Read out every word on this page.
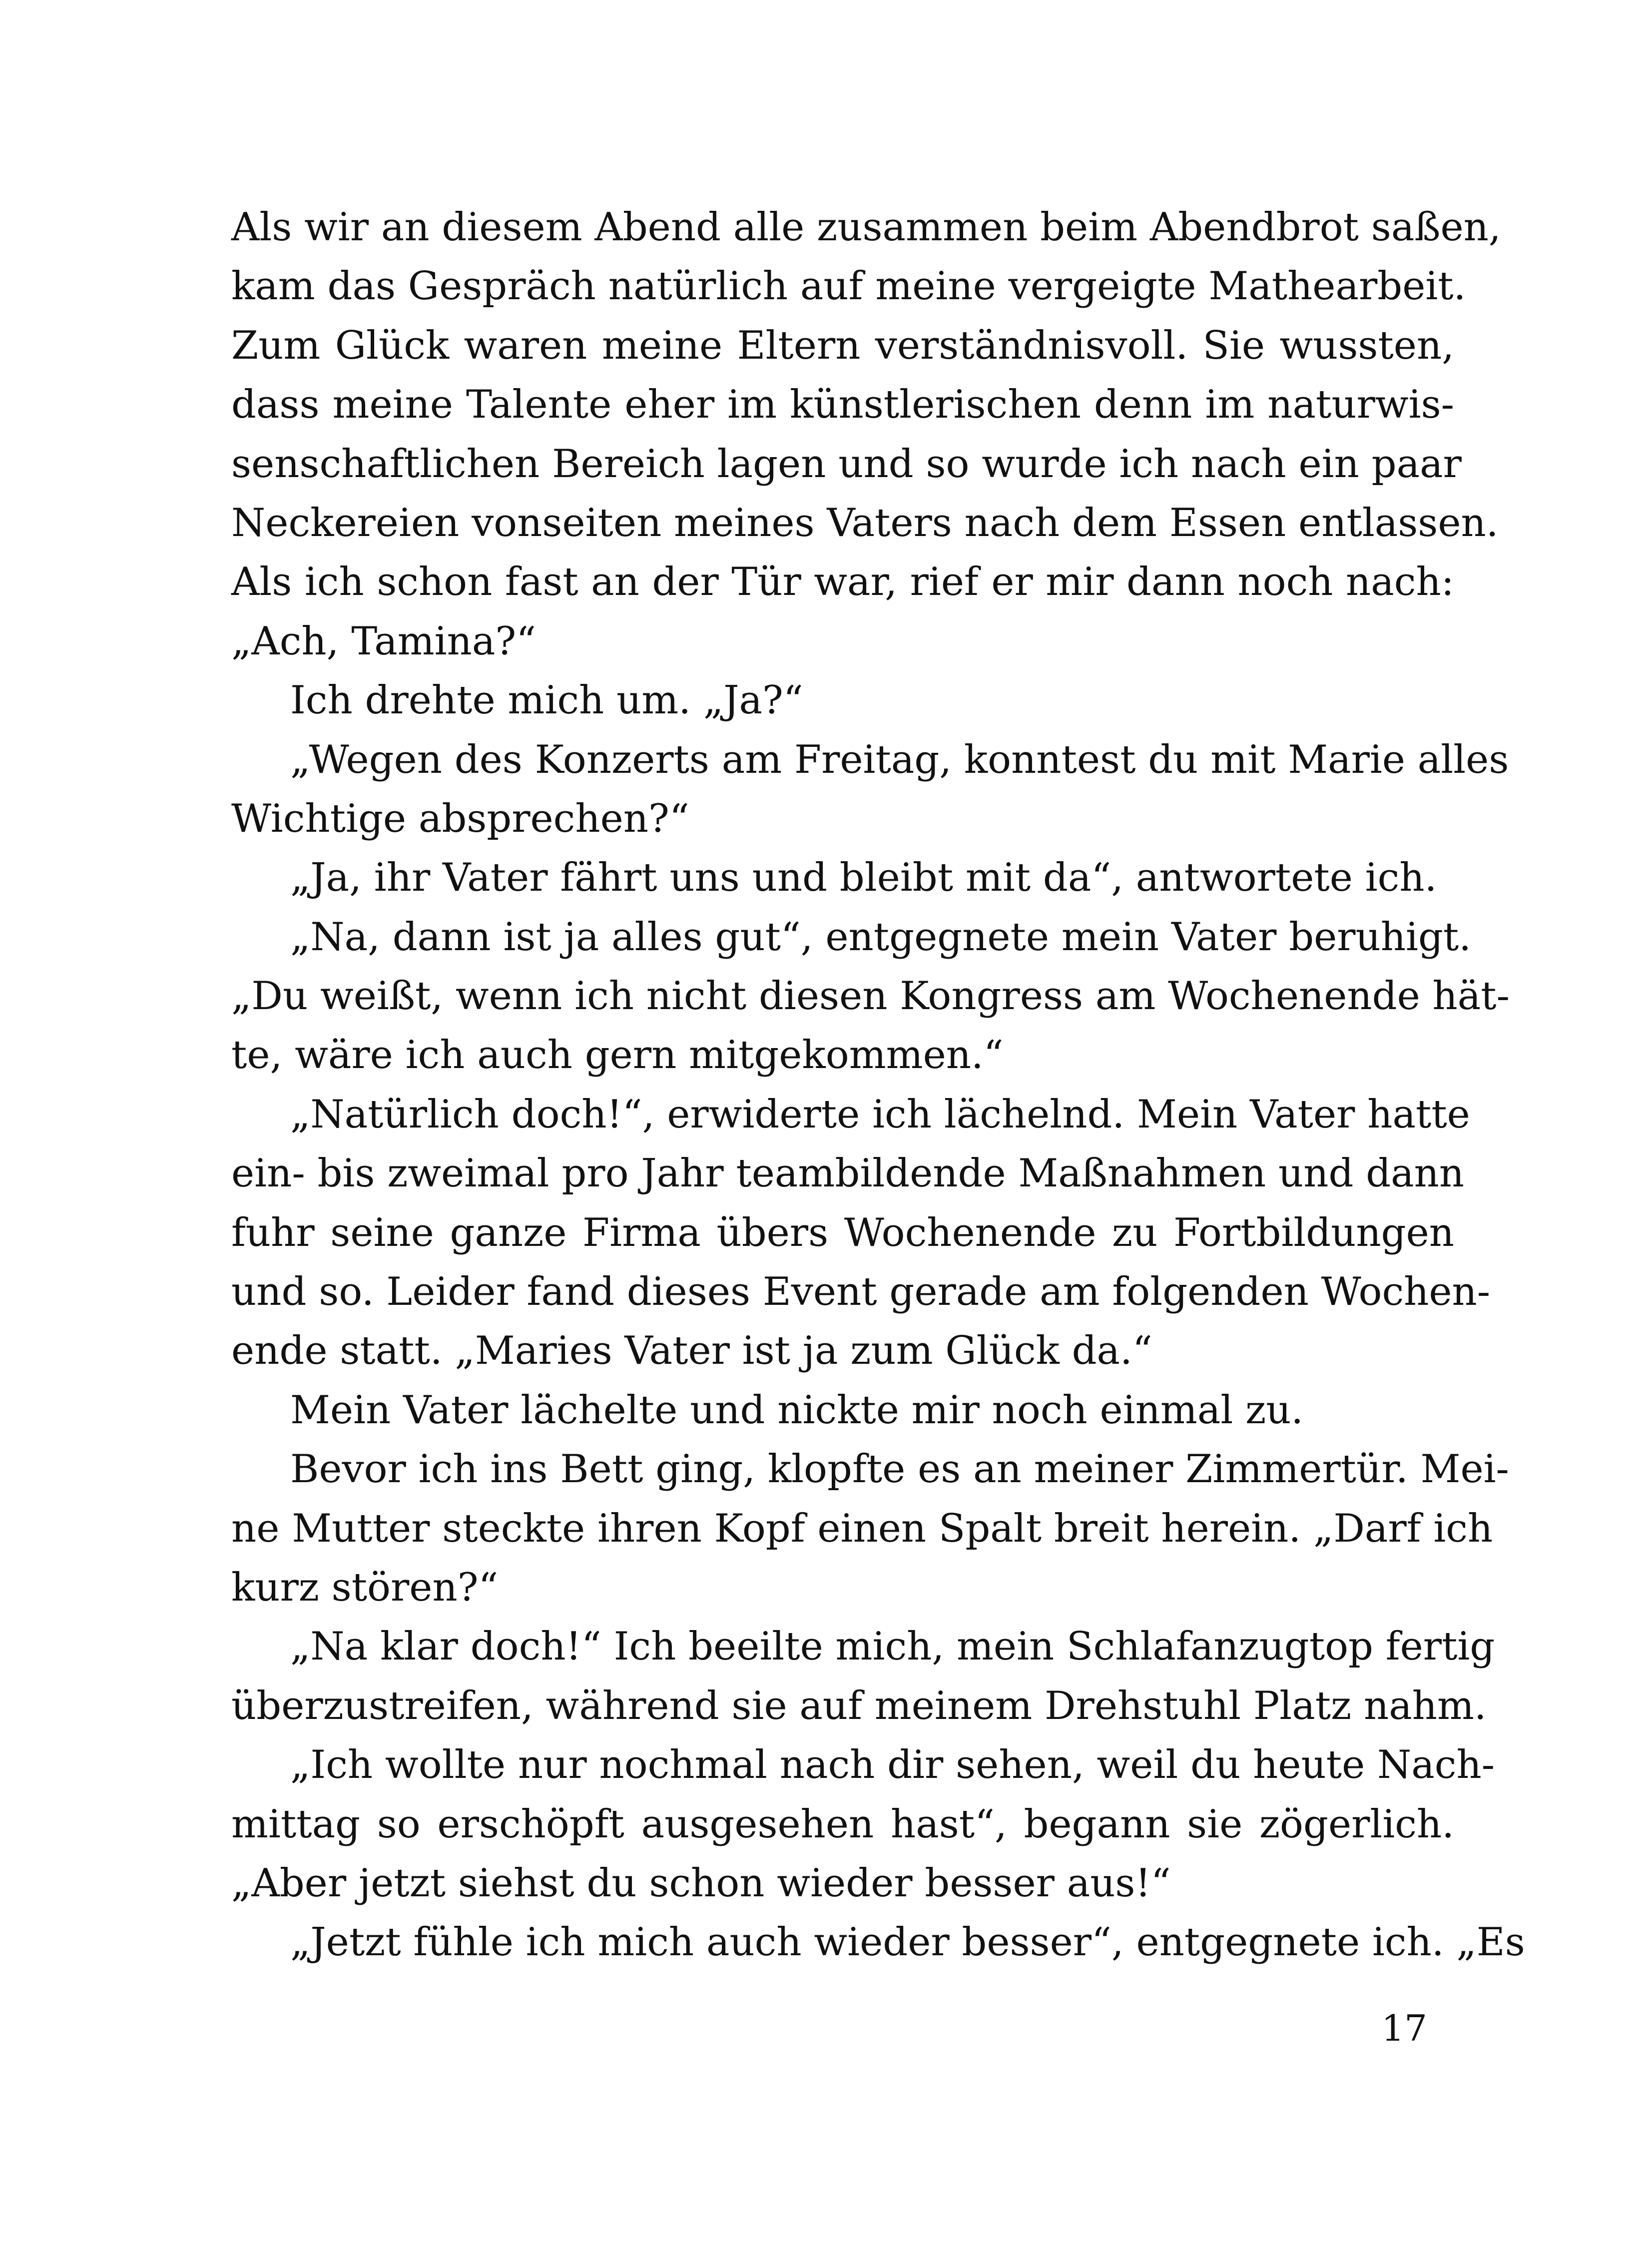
Als wir an diesem Abend alle zusammen beim Abendbrot saßen,
kam das Gespräch natürlich auf meine vergeigte Mathearbeit.
Zum Glück waren meine Eltern verständnisvoll. Sie wussten,
dass meine Talente eher im künstlerischen denn im naturwis-
senschaftlichen Bereich lagen und so wurde ich nach ein paar
Neckereien vonseiten meines Vaters nach dem Essen entlassen.
Als ich schon fast an der Tür war, rief er mir dann noch nach:
„Ach, Tamina?“
Ich drehte mich um. „Ja?“
„Wegen des Konzerts am Freitag, konntest du mit Marie alles
Wichtige absprechen?“
„Ja, ihr Vater fährt uns und bleibt mit da“, antwortete ich.
„Na, dann ist ja alles gut“, entgegnete mein Vater beruhigt.
„Du weißt, wenn ich nicht diesen Kongress am Wochenende hät-
te, wäre ich auch gern mitgekommen.“
„Natürlich doch!“, erwiderte ich lächelnd. Mein Vater hatte
ein- bis zweimal pro Jahr teambildende Maßnahmen und dann
fuhr seine ganze Firma übers Wochenende zu Fortbildungen
und so. Leider fand dieses Event gerade am folgenden Wochen-
ende statt. „Maries Vater ist ja zum Glück da.“
Mein Vater lächelte und nickte mir noch einmal zu.
Bevor ich ins Bett ging, klopfte es an meiner Zimmertür. Mei-
ne Mutter steckte ihren Kopf einen Spalt breit herein. „Darf ich
kurz stören?“
„Na klar doch!“ Ich beeilte mich, mein Schlafanzugtop fertig
überzustreifen, während sie auf meinem Drehstuhl Platz nahm.
„Ich wollte nur nochmal nach dir sehen, weil du heute Nach-
mittag so erschöpft ausgesehen hast“, begann sie zögerlich.
„Aber jetzt siehst du schon wieder besser aus!“
„Jetzt fühle ich mich auch wieder besser“, entgegnete ich. „Es
17
